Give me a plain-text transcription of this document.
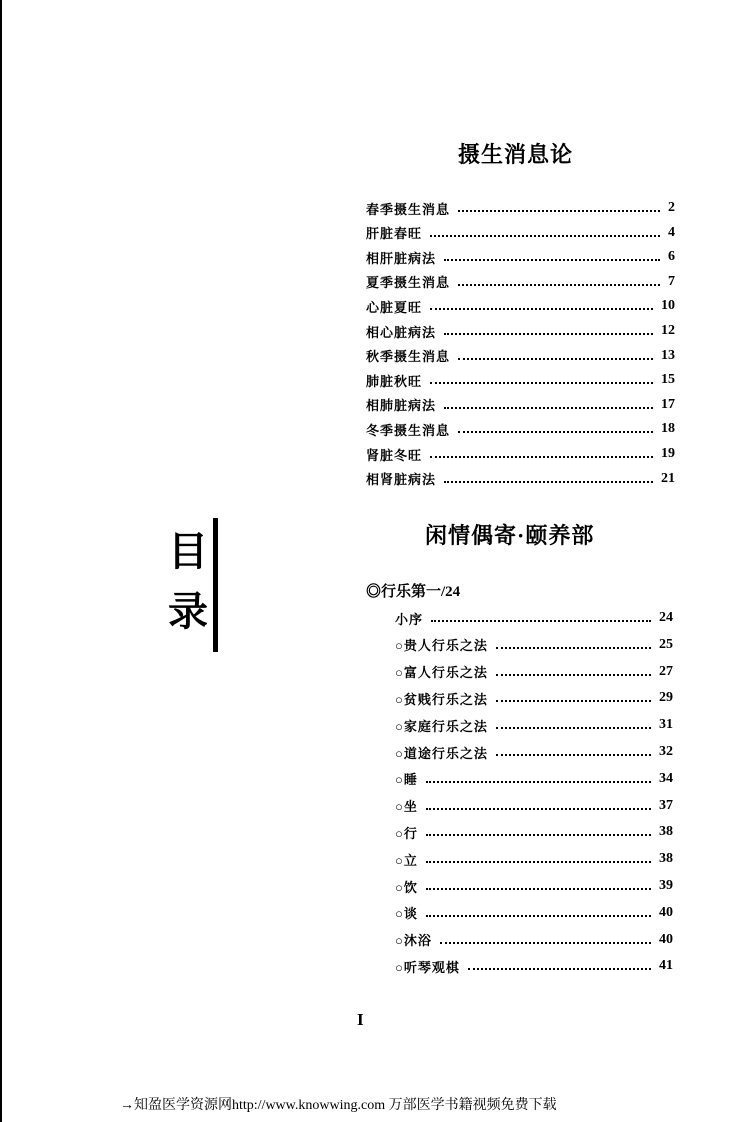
摄生消息论
春季摄生消息	2
肝脏春旺	4
相肝脏病法	6
夏季摄生消息	7
心脏夏旺	10
相心脏病法	12
秋季摄生消息	13
肺脏秋旺	15
相肺脏病法	17
冬季摄生消息	18
肾脏冬旺	19
相肾脏病法	21
目
录
闲情偶寄·颐养部
◎行乐第一/24
小序	24
○贵人行乐之法	25
○富人行乐之法	27
○贫贱行乐之法	29
○家庭行乐之法	31
○道途行乐之法	32
○睡	34
○坐	37
○行	38
○立	38
○饮	39
○谈	40
○沐浴	40
○听琴观棋	41
I
→知盈医学资源网http://www.knowwing.com 万部医学书籍视频免费下载
